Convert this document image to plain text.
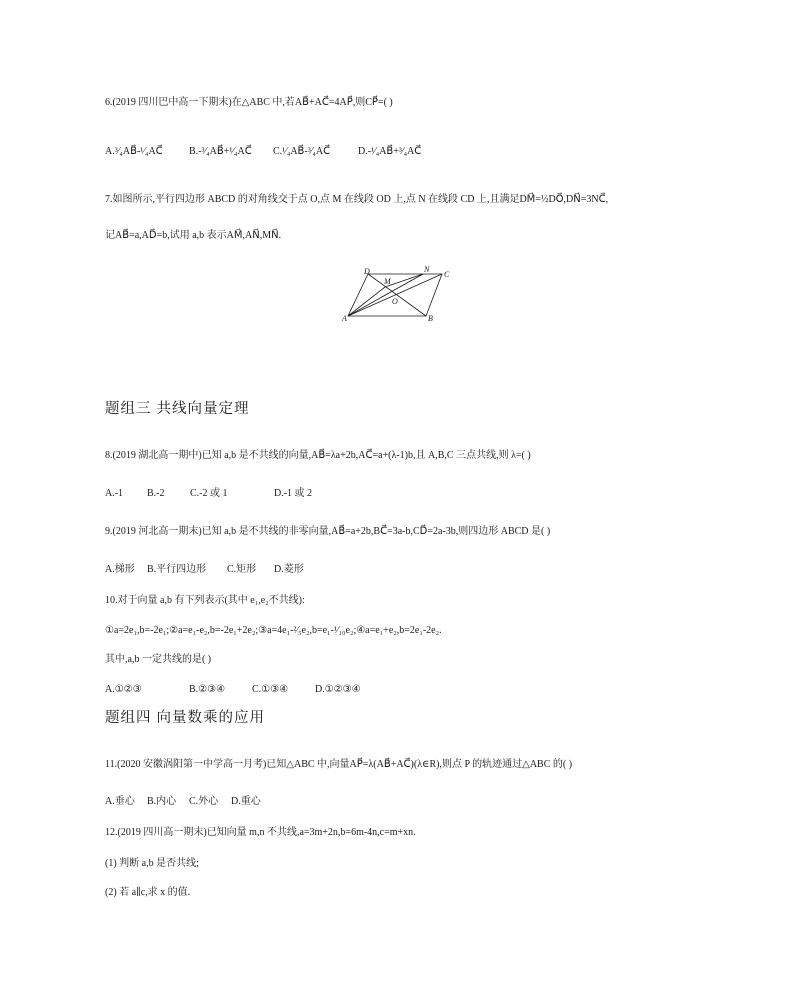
6.(2019 四川巴中高一下期末)在△ABC 中,若AB⃗+AC⃗=4AP⃗,则CP⃗=( )
A.³⁄₄AB⃗-¹⁄₄AC⃗	B.-³⁄₄AB⃗+¹⁄₄AC⃗ C.¹⁄₄AB⃗-³⁄₄AC⃗	D.-¹⁄₄AB⃗+³⁄₄AC⃗
7.如图所示,平行四边形 ABCD 的对角线交于点 O,点 M 在线段 OD 上,点 N 在线段 CD 上,且满足DM⃗=½DO⃗,DN⃗=3NC⃗,
记AB⃗=a,AD⃗=b,试用 a,b 表示AM⃗,AN⃗,MN⃗.
D	N
C
M
O
A	B
题组三 共线向量定理
8.(2019 湖北高一期中)已知 a,b 是不共线的向量,AB⃗=λa+2b,AC⃗=a+(λ-1)b,且 A,B,C 三点共线,则 λ=( )
A.-1 B.-2	C.-2 或 1	D.-1 或 2
9.(2019 河北高一期末)已知 a,b 是不共线的非零向量,AB⃗=a+2b,BC⃗=3a-b,CD⃗=2a-3b,则四边形 ABCD 是( )
A.梯形 B.平行四边形 C.矩形 D.菱形
10.对于向量 a,b 有下列表示(其中 e₁,e₂不共线):
①a=2e₁,b=-2e₁;②a=e₁-e₂,b=-2e₁+2e₂;③a=4e₁-²⁄₅e₂,b=e₁-¹⁄₁₀e₂;④a=e₁+e₂,b=2e₁-2e₂.
其中,a,b 一定共线的是( )
A.①②③	B.②③④	C.①③④	D.①②③④
题组四 向量数乘的应用
11.(2020 安徽涡阳第一中学高一月考)已知△ABC 中,向量AP⃗=λ(AB⃗+AC⃗)(λ∈R),则点 P 的轨迹通过△ABC 的( )
A.垂心 B.内心 C.外心 D.重心
12.(2019 四川高一期末)已知向量 m,n 不共线,a=3m+2n,b=6m-4n,c=m+xn.
(1) 判断 a,b 是否共线;
(2) 若 a∥c,求 x 的值.
